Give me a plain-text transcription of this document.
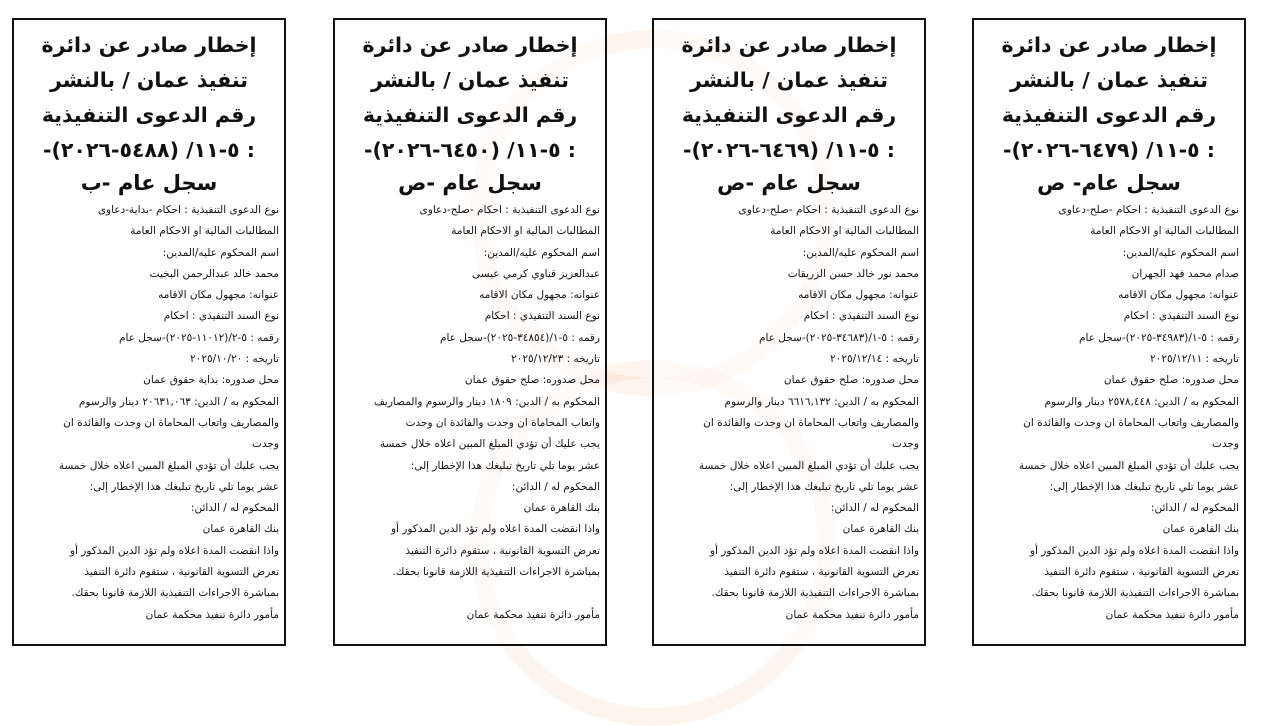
إخطار صادر عن دائرة
تنفيذ عمان / بالنشر
رقم الدعوى التنفيذية
: ٥-١١/ (٦٤٧٩-٢٠٢٦)-
سجل عام- ص
نوع الدعوى التنفيذية : احكام -صلح-دعاوى
المطالبات المالية او الاحكام العامة
اسم المحكوم عليه/المدين:
صدام محمد فهد الجهران
عنوانه: مجهول مكان الاقامه
نوع السند التنفيذي : احكام
رقمه : ٥-١/(٣٤٩٨٣-٢٠٢٥)-سجل عام
تاريخه : ٢٠٢٥/١٢/١١
محل صدوره: صلح حقوق عمان
المحكوم به / الدين: ٢٥٧٨,٤٤٨ دينار والرسوم
والمصاريف واتعاب المحاماة ان وجدت والفائدة ان
وجدت
يجب عليك أن تؤدي المبلغ المبين اعلاه خلال خمسة
عشر يوما تلي تاريخ تبليغك هذا الإخطار إلى:
المحكوم له / الدائن:
بنك القاهرة عمان
واذا انقضت المدة اعلاه ولم تؤد الدين المذكور أو
تعرض التسوية القانونية ، ستقوم دائرة التنفيذ
بمباشرة الاجراءات التنفيذية اللازمة قانونا بحقك.
مأمور دائرة تنفيذ محكمة عمان
إخطار صادر عن دائرة
تنفيذ عمان / بالنشر
رقم الدعوى التنفيذية
: ٥-١١/ (٦٤٦٩-٢٠٢٦)-
سجل عام -ص
نوع الدعوى التنفيذية : احكام -صلح-دعاوى
المطالبات المالية او الاحكام العامة
اسم المحكوم عليه/المدين:
محمد نور خالد حسن الزريقات
عنوانه: مجهول مكان الاقامه
نوع السند التنفيذي : احكام
رقمه : ٥-١/(٣٤٦٨٣-٢٠٢٥)-سجل عام
تاريخه : ٢٠٢٥/١٢/١٤
محل صدوره: صلح حقوق عمان
المحكوم به / الدين: ٦٦١٦,١٣٢ دينار والرسوم
والمصاريف واتعاب المحاماة ان وجدت والفائدة ان
وجدت
يجب عليك أن تؤدي المبلغ المبين اعلاه خلال خمسة
عشر يوما تلي تاريخ تبليغك هذا الإخطار إلى:
المحكوم له / الدائن:
بنك القاهرة عمان
واذا انقضت المدة اعلاه ولم تؤد الدين المذكور أو
تعرض التسوية القانونية ، ستقوم دائرة التنفيذ
بمباشرة الاجراءات التنفيذية اللازمة قانونا بحقك.
مأمور دائرة تنفيذ محكمة عمان
إخطار صادر عن دائرة
تنفيذ عمان / بالنشر
رقم الدعوى التنفيذية
: ٥-١١/ (٦٤٥٠-٢٠٢٦)-
سجل عام -ص
نوع الدعوى التنفيذية : احكام -صلح-دعاوى
المطالبات المالية او الاحكام العامة
اسم المحكوم عليه/المدين:
عبدالعزيز قناوي كرمي عيسى
عنوانه: مجهول مكان الاقامه
نوع السند التنفيذي : احكام
رقمه : ٥-١/(٣٤٨٥٤-٢٠٢٥)-سجل عام
تاريخه : ٢٠٢٥/١٢/٢٣
محل صدوره: صلح حقوق عمان
المحكوم به / الدين: ١٨٠٩ دينار والرسوم والمصاريف
واتعاب المحاماة ان وجدت والفائدة ان وجدت
يجب عليك أن تؤدي المبلغ المبين اعلاه خلال خمسة
عشر يوما تلي تاريخ تبليغك هذا الإخطار إلى:
المحكوم له / الدائن:
بنك القاهرة عمان
واذا انقضت المدة اعلاه ولم تؤد الدين المذكور أو
تعرض التسوية القانونية ، ستقوم دائرة التنفيذ
بمباشرة الاجراءات التنفيذية اللازمة قانونا بحقك.

مأمور دائرة تنفيذ محكمة عمان
إخطار صادر عن دائرة
تنفيذ عمان / بالنشر
رقم الدعوى التنفيذية
: ٥-١١/ (٥٤٨٨-٢٠٢٦)-
سجل عام -ب
نوع الدعوى التنفيذية : احكام -بداية-دعاوى
المطالبات المالية او الاحكام العامة
اسم المحكوم عليه/المدين:
محمد خالد عبدالرحمن البخيت
عنوانه: مجهول مكان الاقامه
نوع السند التنفيذي : احكام
رقمه : ٥-٢/(١١٠١٢-٢٠٢٥)-سجل عام
تاريخه : ٢٠٢٥/١٠/٢٠
محل صدوره: بداية حقوق عمان
المحكوم به / الدين: ٢٠٦٣١,٠٦٣ دينار والرسوم
والمصاريف واتعاب المحاماة ان وجدت والفائدة ان
وجدت
يجب عليك أن تؤدي المبلغ المبين اعلاه خلال خمسة
عشر يوما تلي تاريخ تبليغك هذا الإخطار إلى:
المحكوم له / الدائن:
بنك القاهرة عمان
واذا انقضت المدة اعلاه ولم تؤد الدين المذكور أو
تعرض التسوية القانونية ، ستقوم دائرة التنفيذ
بمباشرة الاجراءات التنفيذية اللازمة قانونا بحقك.
مأمور دائرة تنفيذ محكمة عمان
